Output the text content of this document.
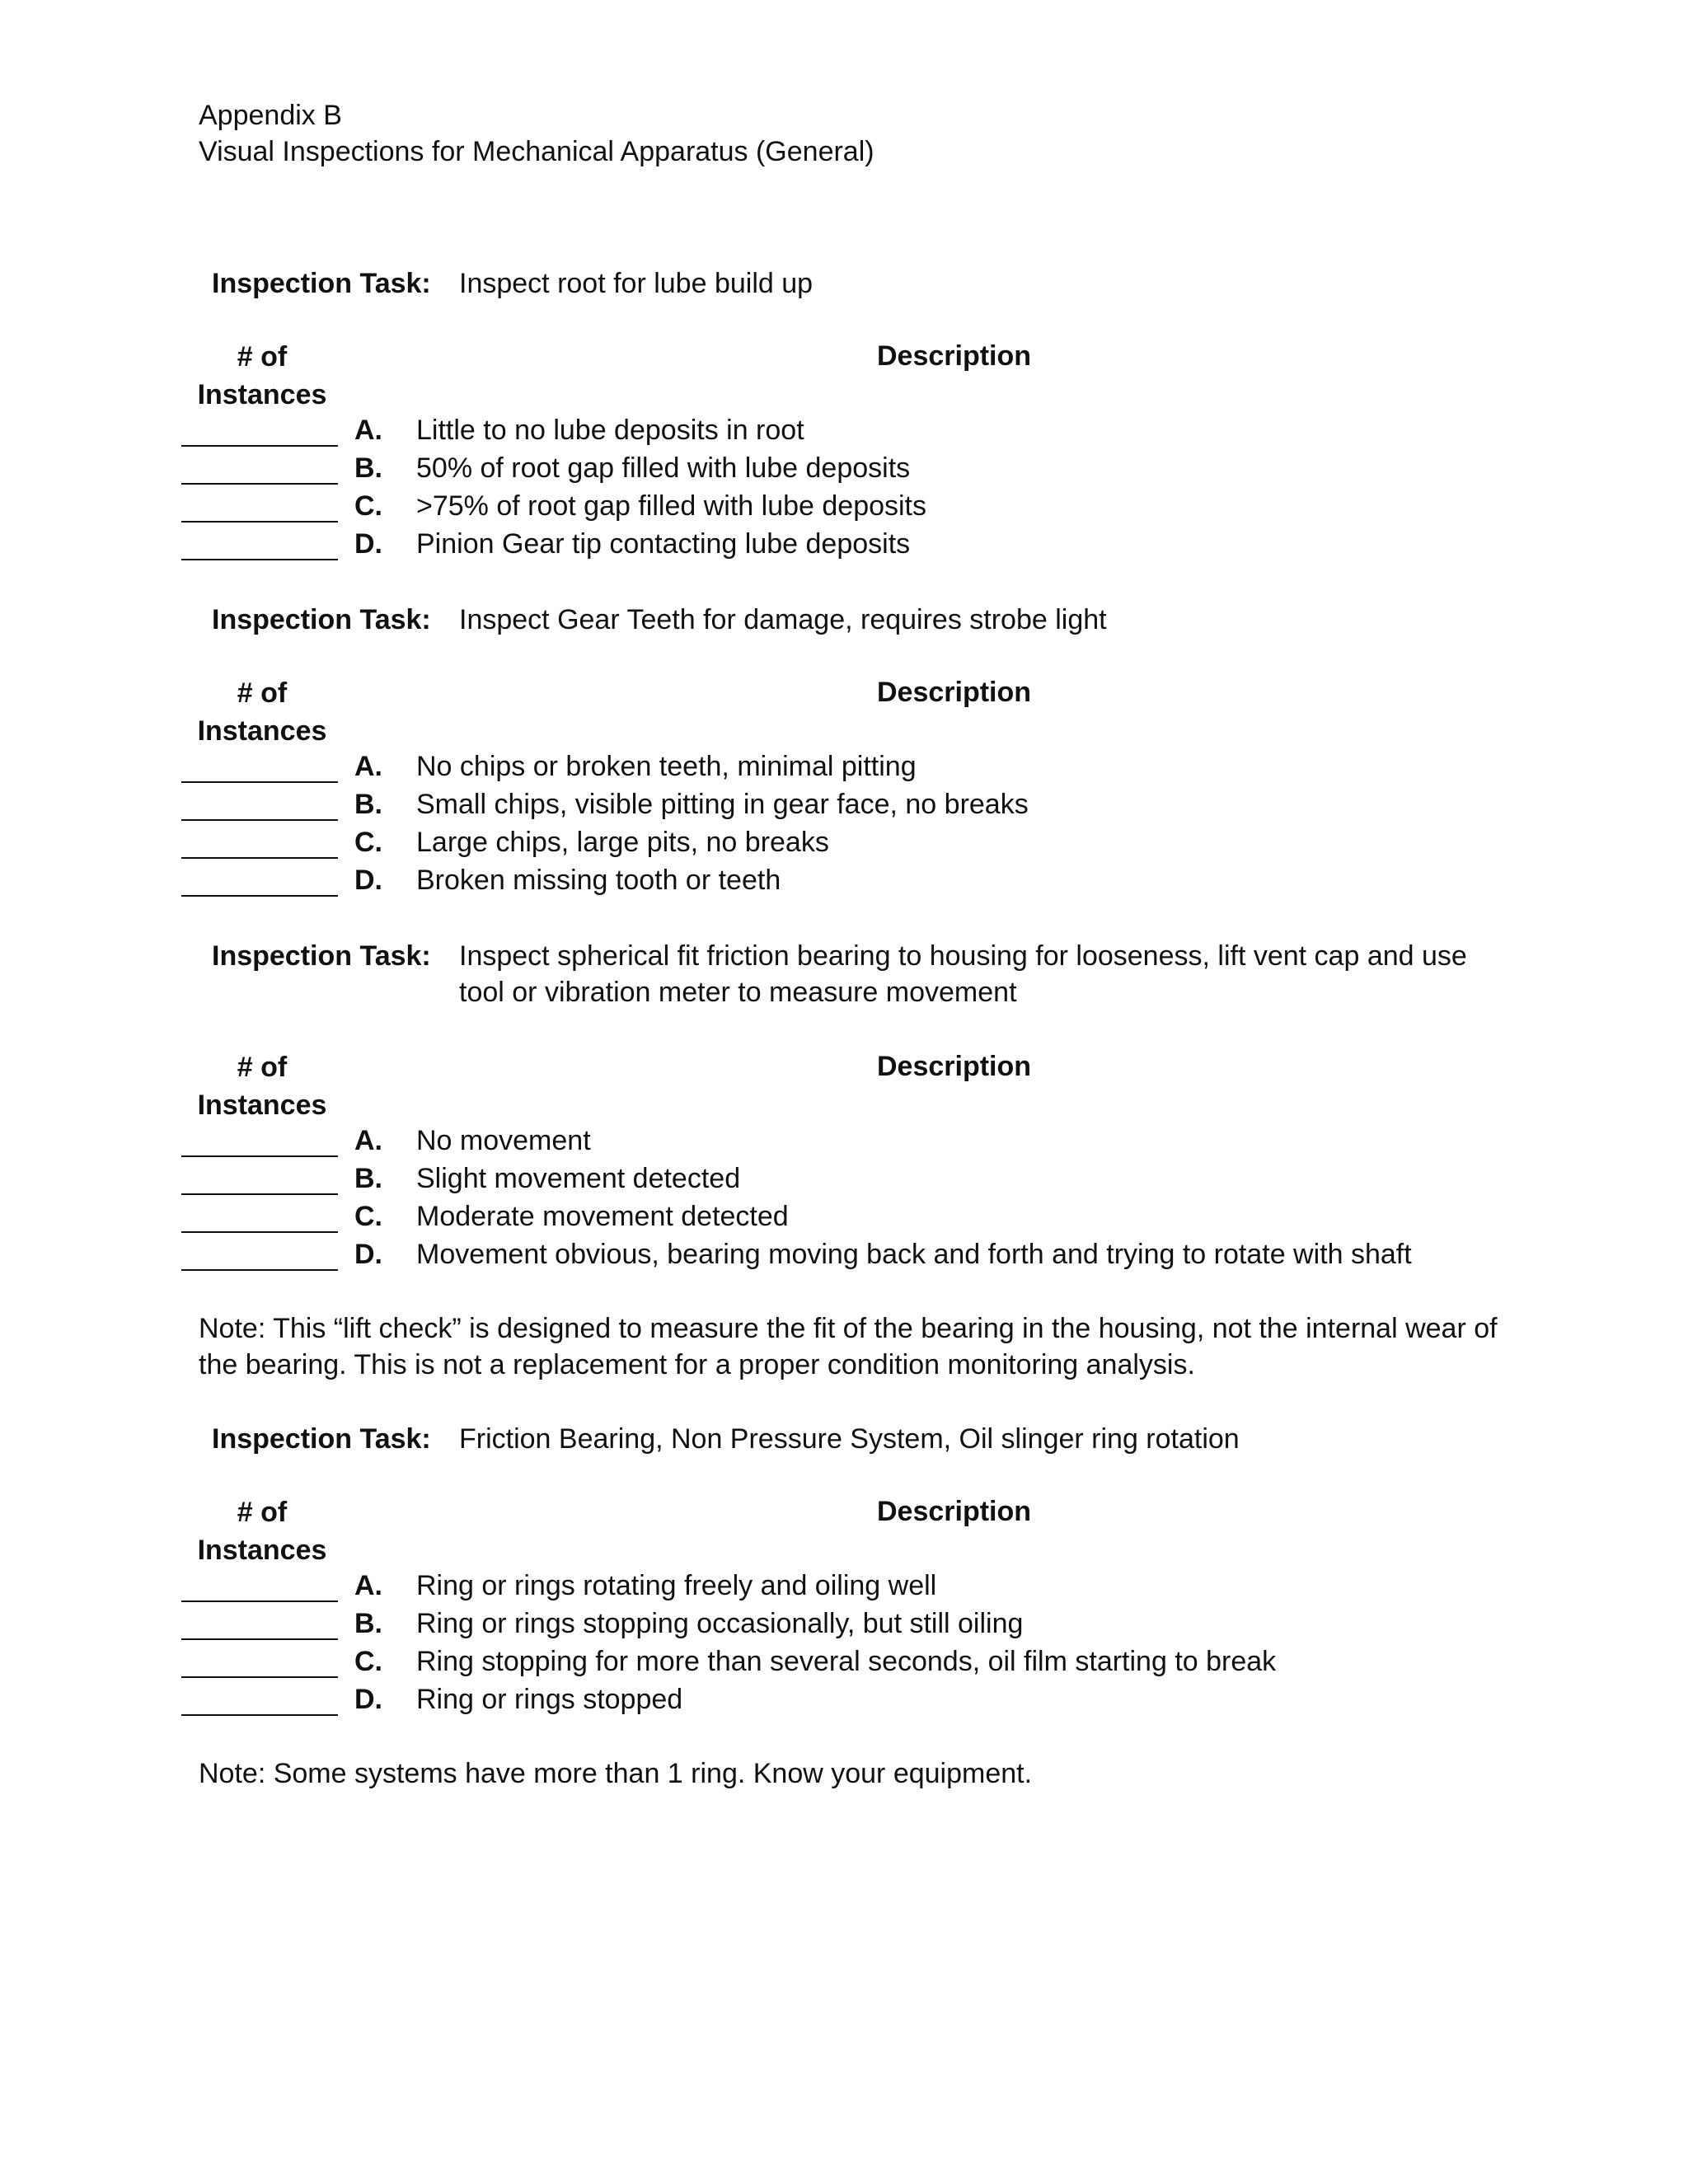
Appendix B
Visual Inspections for Mechanical Apparatus (General)
Inspection Task: Inspect root for lube build up
# of
Instances
Description
A. Little to no lube deposits in root
B. 50% of root gap filled with lube deposits
C. >75% of root gap filled with lube deposits
D. Pinion Gear tip contacting lube deposits
Inspection Task: Inspect Gear Teeth for damage, requires strobe light
# of
Instances
Description
A. No chips or broken teeth, minimal pitting
B. Small chips, visible pitting in gear face, no breaks
C. Large chips, large pits, no breaks
D. Broken missing tooth or teeth
Inspection Task: Inspect spherical fit friction bearing to housing for looseness, lift vent cap and use tool or vibration meter to measure movement
# of
Instances
Description
A. No movement
B. Slight movement detected
C. Moderate movement detected
D. Movement obvious, bearing moving back and forth and trying to rotate with shaft
Note: This “lift check” is designed to measure the fit of the bearing in the housing, not the internal wear of the bearing. This is not a replacement for a proper condition monitoring analysis.
Inspection Task: Friction Bearing, Non Pressure System, Oil slinger ring rotation
# of
Instances
Description
A. Ring or rings rotating freely and oiling well
B. Ring or rings stopping occasionally, but still oiling
C. Ring stopping for more than several seconds, oil film starting to break
D. Ring or rings stopped
Note: Some systems have more than 1 ring. Know your equipment.
